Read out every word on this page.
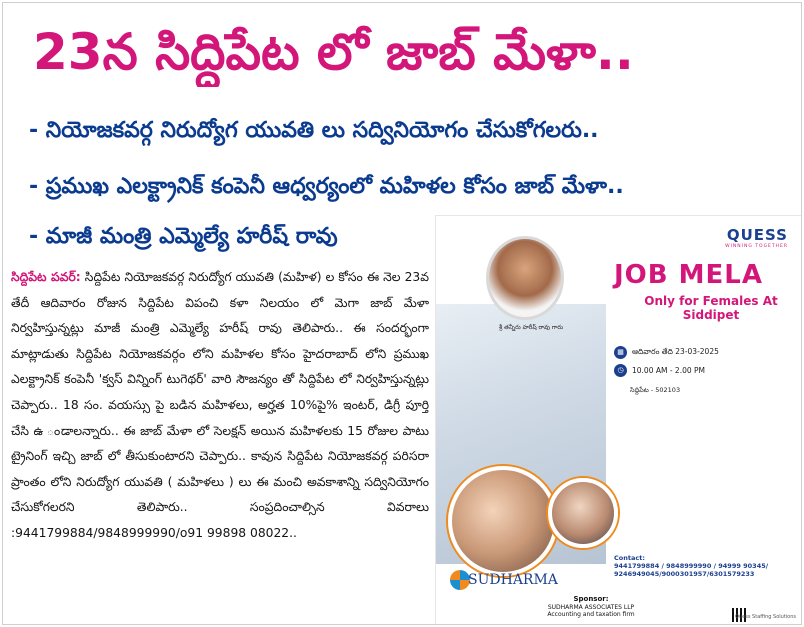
23న సిద్దిపేట లో జాబ్ మేళా..
- నియోజకవర్గ నిరుద్యోగ యువతి లు సద్వినియోగం చేసుకోగలరు..
- ప్రముఖ ఎలక్ట్రానిక్ కంపెనీ ఆధ్వర్యంలో మహిళల కోసం జాబ్ మేళా..
- మాజీ మంత్రి ఎమ్మెల్యే హరీష్ రావు
సిద్దిపేట పవర్: సిద్దిపేట నియోజకవర్గ నిరుద్యోగ యువతి (మహిళ) ల కోసం ఈ నెల 23వ తేదీ ఆదివారం రోజున సిద్దిపేట విపంచి కళా నిలయం లో మెగా జాబ్ మేళా నిర్వహిస్తున్నట్లు మాజీ మంత్రి ఎమ్మెల్యే హరీష్ రావు తెలిపారు.. ఈ సందర్భంగా మాట్లాడుతు సిద్దిపేట నియోజకవర్గం లోని మహిళల కోసం హైదరాబాద్ లోని ప్రముఖ ఎలక్ట్రానిక్ కంపెనీ 'క్వస్ విన్నింగ్ టుగెథర్' వారి సౌజన్యం తో సిద్దిపేట లో నిర్వహిస్తున్నట్లు చెప్పారు.. 18 సం. వయస్సు పై బడిన మహిళలు, అర్హత 10%పై% ఇంటర్, డిగ్రీ పూర్తి చేసి ఉ ండాలన్నారు.. ఈ జాబ్ మేళా లో సెలక్షన్ అయిన మహిళలకు 15 రోజుల పాటు ట్రైనింగ్ ఇచ్చి జాబ్ లో తీసుకుంటారని చెప్పారు.. కావున సిద్దిపేట నియోజకవర్గ పరిసరా ప్రాంతం లోని నిరుద్యోగ యువతి ( మహిళలు ) లు ఈ మంచి అవకాశాన్ని సద్వినియోగం చేసుకోగలరని తెలిపారు.. సంప్రదించాల్సిన వివరాలు :9441799884/9848999990/o91 99898 08022..
శ్రీ తన్నీరు హరీష్ రావు గారు
QUESS
WINNING TOGETHER
JOB MELA
Only for Females At Siddipet
▦	ఆదివారం తేది 23-03-2025
◷	10.00 AM - 2.00 PM
సిద్దిపేట - 502103
Contact:
9441799884 / 9848999990 / 94999 90345/ 9246949045/9000301957/6301579233
SUDHARMA
Sponsor:
SUDHARMA ASSOCIATES LLP
Accounting and taxation firm	Quess Staffing Solutions
